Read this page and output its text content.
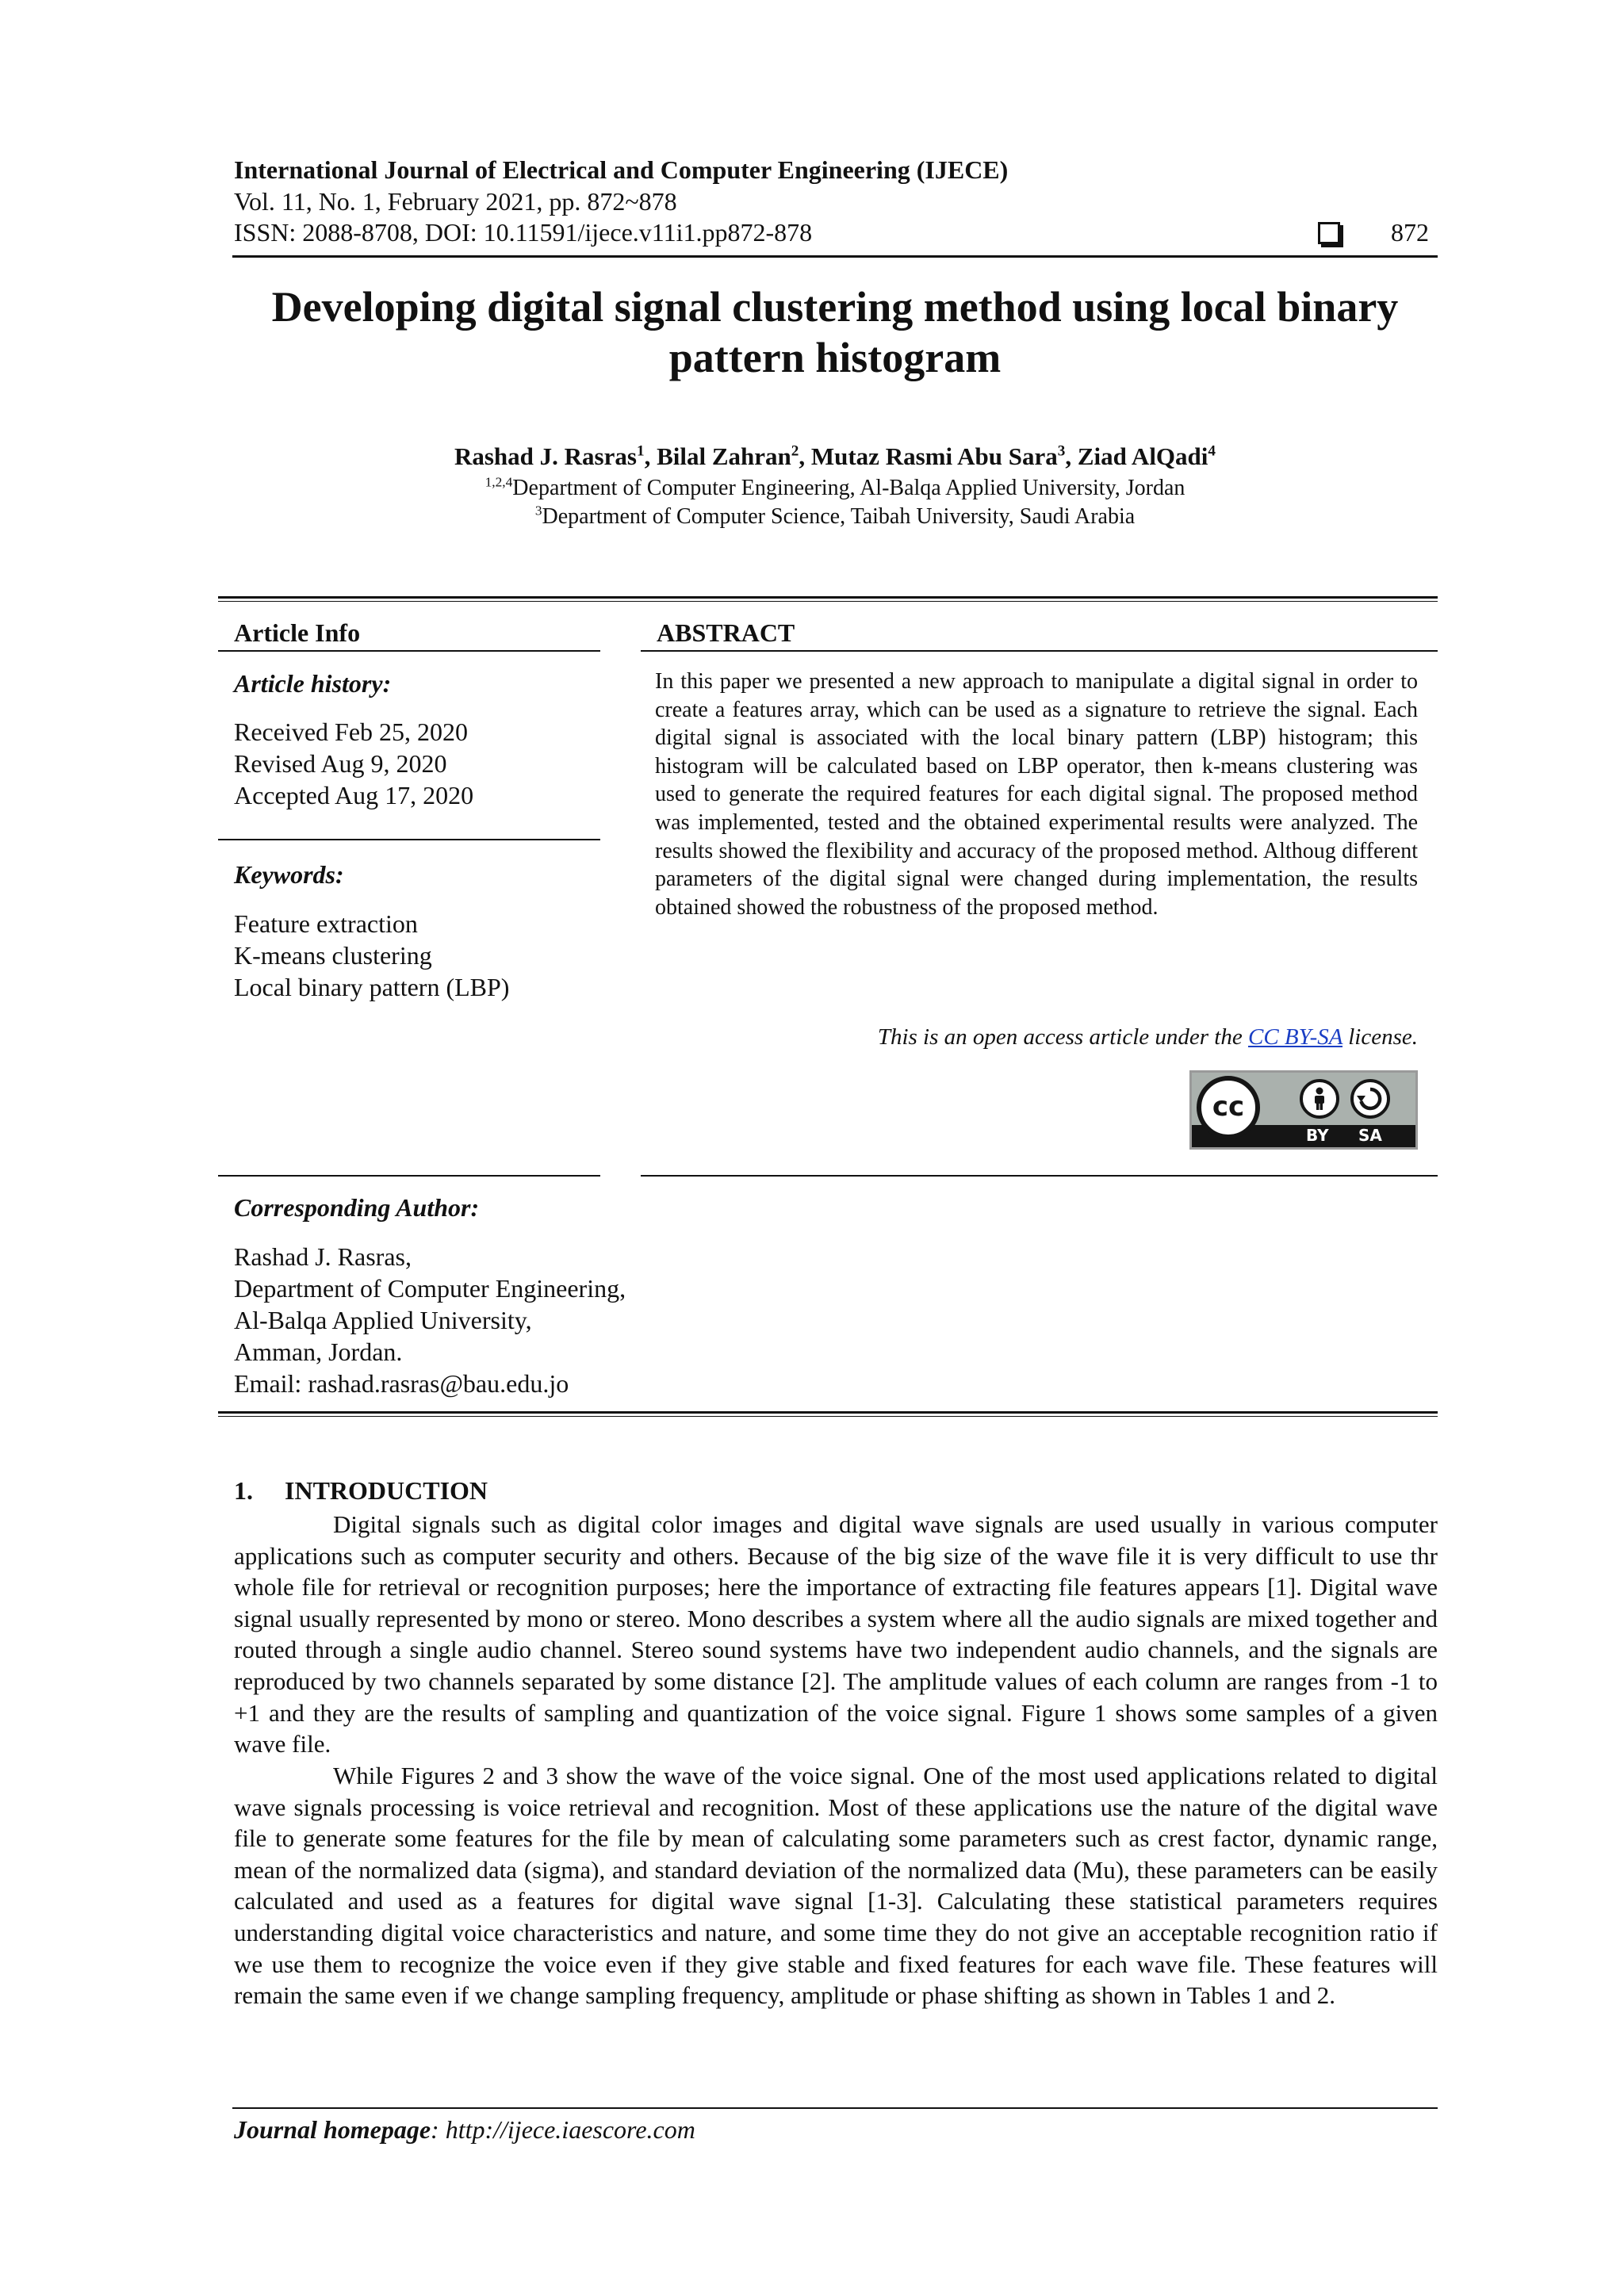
International Journal of Electrical and Computer Engineering (IJECE)
Vol. 11, No. 1, February 2021, pp. 872~878
ISSN: 2088-8708, DOI: 10.11591/ijece.v11i1.pp872-878	872
Developing digital signal clustering method using local binary pattern histogram
Rashad J. Rasras$^1$, Bilal Zahran$^2$, Mutaz Rasmi Abu Sara$^3$, Ziad AlQadi$^4$
$^{1,2,4}$Department of Computer Engineering, Al-Balqa Applied University, Jordan
$^3$Department of Computer Science, Taibah University, Saudi Arabia
Article Info
Article history:
Received Feb 25, 2020
Revised Aug 9, 2020
Accepted Aug 17, 2020
Keywords:
Feature extraction
K-means clustering
Local binary pattern (LBP)
ABSTRACT
In this paper we presented a new approach to manipulate a digital signal in order to create a features array, which can be used as a signature to retrieve the signal. Each digital signal is associated with the local binary pattern (LBP) histogram; this histogram will be calculated based on LBP operator, then k-means clustering was used to generate the required features for each digital signal. The proposed method was implemented, tested and the obtained experimental results were analyzed. The results showed the flexibility and accuracy of the proposed method. Althoug different parameters of the digital signal were changed during implementation, the results obtained showed the robustness of the proposed method.
This is an open access article under the CC BY-SA license.
cc
BY SA
Corresponding Author:
Rashad J. Rasras,
Department of Computer Engineering,
Al-Balqa Applied University,
Amman, Jordan.
Email: rashad.rasras@bau.edu.jo
1.     INTRODUCTION
Digital signals such as digital color images and digital wave signals are used usually in various computer applications such as computer security and others. Because of the big size of the wave file it is very difficult to use thr whole file for retrieval or recognition purposes; here the importance of extracting file features appears [1]. Digital wave signal usually represented by mono or stereo. Mono describes a system where all the audio signals are mixed together and routed through a single audio channel. Stereo sound systems have two independent audio channels, and the signals are reproduced by two channels separated by some distance [2]. The amplitude values of each column are ranges from -1 to +1 and they are the results of sampling and quantization of the voice signal. Figure 1 shows some samples of a given wave file.
While Figures 2 and 3 show the wave of the voice signal. One of the most used applications related to digital wave signals processing is voice retrieval and recognition. Most of these applications use the nature of the digital wave file to generate some features for the file by mean of calculating some parameters such as crest factor, dynamic range, mean of the normalized data (sigma), and standard deviation of the normalized data (Mu), these parameters can be easily calculated and used as a features for digital wave signal [1-3]. Calculating these statistical parameters requires understanding digital voice characteristics and nature, and some time they do not give an acceptable recognition ratio if we use them to recognize the voice even if they give stable and fixed features for each wave file. These features will remain the same even if we change sampling frequency, amplitude or phase shifting as shown in Tables 1 and 2.
Journal homepage: http://ijece.iaescore.com
